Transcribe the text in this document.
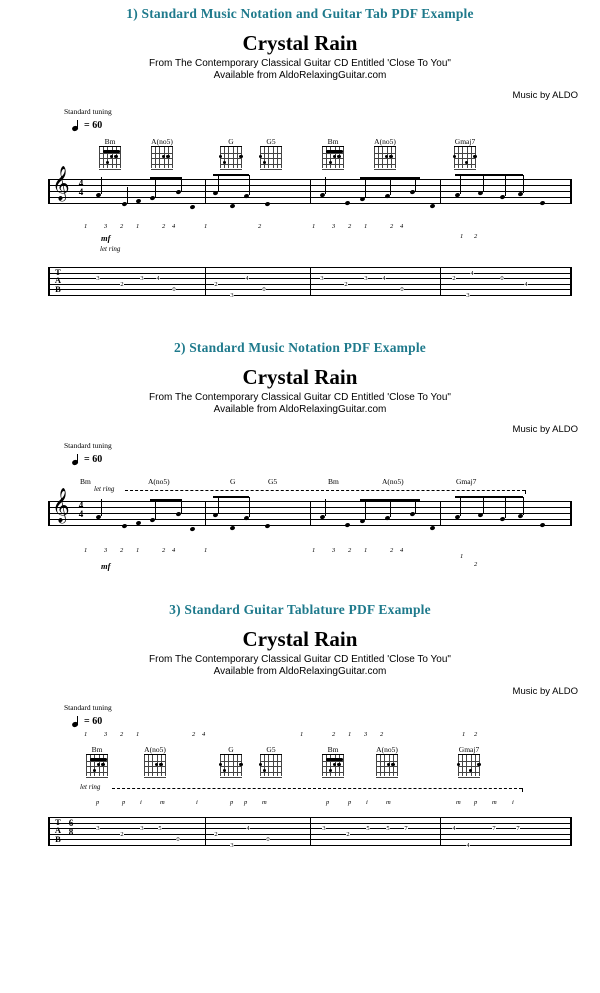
1) Standard Music Notation and Guitar Tab PDF Example
Crystal Rain
From The Contemporary Classical Guitar CD Entitled 'Close To You"
Available from AldoRelaxingGuitar.com
Music by ALDO
Standard tuning
= 60
Bm	A(no5)	G	G5	Bm	A(no5)	Gmaj7
𝄞	4
4
let ring
mf
1	3 2 1	2 4	1	2	1	3 2 1	2 4
1 2
T
A
B
3
2
3 4
0
2
4
0
3
3
2
3 4
0
2
4
0
4
3
2) Standard Music Notation PDF Example
Crystal Rain
From The Contemporary Classical Guitar CD Entitled 'Close To You"
Available from AldoRelaxingGuitar.com
Music by ALDO
Standard tuning
= 60
Bm	A(no5)	G	G5	Bm	A(no5)	Gmaj7
let ring
𝄞	4
4
mf
1	3 2 1	2 4	1	1	3 2 1	2 4
1
2
3) Standard Guitar Tablature PDF Example
Crystal Rain
From The Contemporary Classical Guitar CD Entitled 'Close To You"
Available from AldoRelaxingGuitar.com
Music by ALDO
Standard tuning
= 60
1	3 2 1	2 4	1	2 1 3 2	1 2
Bm	A(no5)	G	G5	Bm	A(no5)	Gmaj7
let ring
p	p i	m	i	p p m	p	p i	m	m p m i
T
A
B
6
8	3
2
3 5
0
2
4
0
3
3
2
5	5 7	4	7	7
4
